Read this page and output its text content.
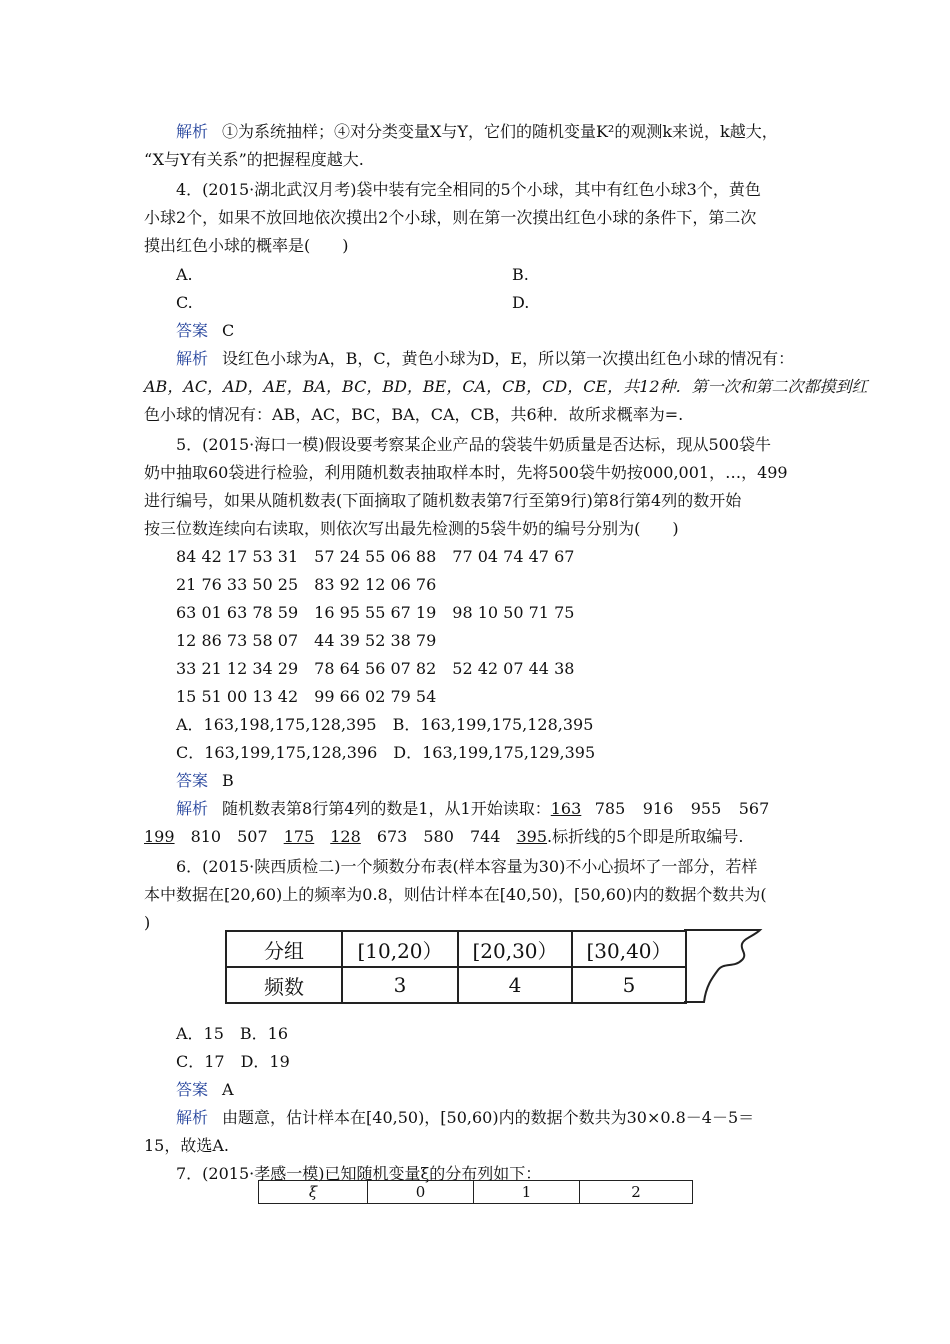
解析 ①为系统抽样；④对分类变量X与Y，它们的随机变量K²的观测k来说，k越大，
“X与Y有关系”的把握程度越大.
4．(2015·湖北武汉月考)袋中装有完全相同的5个小球，其中有红色小球3个，黄色
小球2个，如果不放回地依次摸出2个小球，则在第一次摸出红色小球的条件下，第二次
摸出红色小球的概率是(　　)
A.	B.
C.	D.
答案 C
解析 设红色小球为A，B，C，黄色小球为D，E，所以第一次摸出红色小球的情况有：
AB，AC，AD，AE，BA，BC，BD，BE，CA，CB，CD，CE，共12种．第一次和第二次都摸到红
色小球的情况有：AB，AC，BC，BA，CA，CB，共6种．故所求概率为=.
5．(2015·海口一模)假设要考察某企业产品的袋装牛奶质量是否达标，现从500袋牛
奶中抽取60袋进行检验，利用随机数表抽取样本时，先将500袋牛奶按000,001，…，499
进行编号，如果从随机数表(下面摘取了随机数表第7行至第9行)第8行第4列的数开始
按三位数连续向右读取，则依次写出最先检测的5袋牛奶的编号分别为(　　)
84 42 17 53 31　57 24 55 06 88　77 04 74 47 67
21 76 33 50 25　83 92 12 06 76
63 01 63 78 59　16 95 55 67 19　98 10 50 71 75
12 86 73 58 07　44 39 52 38 79
33 21 12 34 29　78 64 56 07 82　52 42 07 44 38
15 51 00 13 42　99 66 02 79 54
A．163,198,175,128,395　B．163,199,175,128,395
C．163,199,175,128,396　D．163,199,175,129,395
答案 B
解析 随机数表第8行第4列的数是1，从1开始读取：163 785 916 955 567
199　 810　 507　 175　 128　 673　 580　 744　 395.标折线的5个即是所取编号.
6．(2015·陕西质检二)一个频数分布表(样本容量为30)不小心损坏了一部分，若样
本中数据在[20,60)上的频率为0.8，则估计样本在[40,50)，[50,60)内的数据个数共为(
)
分组	[10,20）	[20,30）	[30,40）
频数	3	4	5
A．15　B．16
C．17　D．19
答案 A
解析 由题意，估计样本在[40,50)，[50,60)内的数据个数共为30×0.8－4－5＝
15，故选A.
7．(2015·孝感一模)已知随机变量ξ的分布列如下：
ξ	0	1	2
